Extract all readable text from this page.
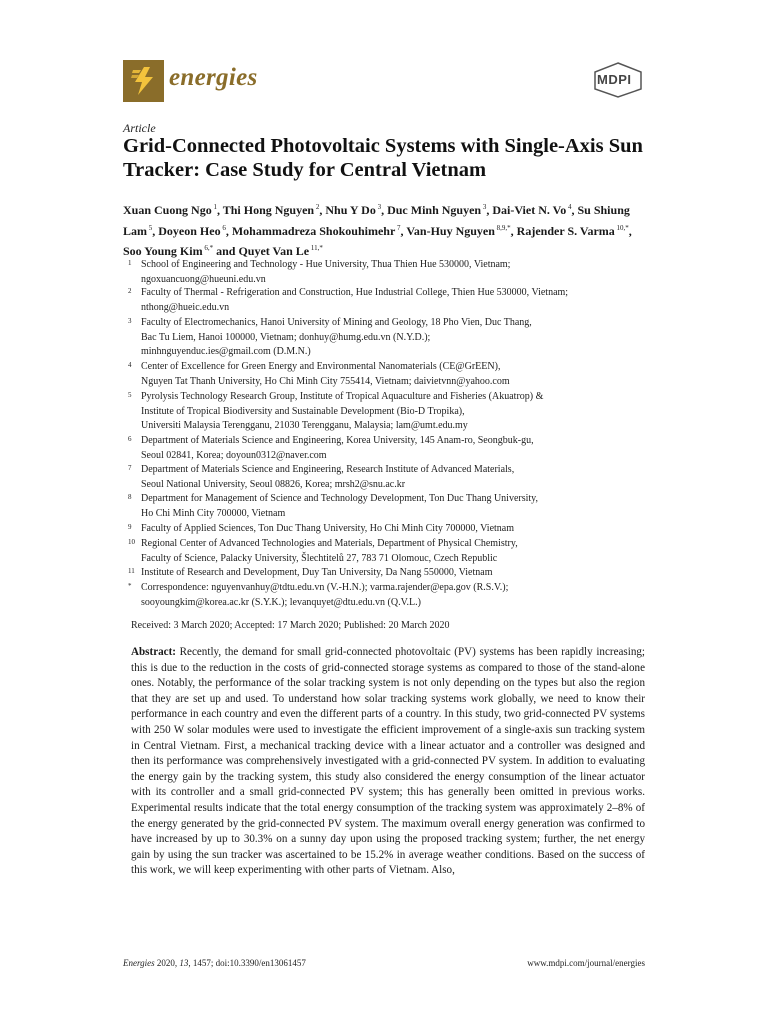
energies	MDPI
Article
Grid-Connected Photovoltaic Systems with Single-Axis Sun Tracker: Case Study for Central Vietnam
Xuan Cuong Ngo $^1$, Thi Hong Nguyen $^2$, Nhu Y Do $^3$, Duc Minh Nguyen $^3$, Dai-Viet N. Vo $^4$, Su Shiung Lam $^5$, Doyeon Heo $^6$, Mohammadreza Shokouhimehr $^7$, Van-Huy Nguyen $^{8,9,*}$, Rajender S. Varma $^{10,*}$, Soo Young Kim $^{6,*}$ and Quyet Van Le $^{11,*}$
1 School of Engineering and Technology - Hue University, Thua Thien Hue 530000, Vietnam;
ngoxuancuong@hueuni.edu.vn
2 Faculty of Thermal - Refrigeration and Construction, Hue Industrial College, Thien Hue 530000, Vietnam;
nthong@hueic.edu.vn
3 Faculty of Electromechanics, Hanoi University of Mining and Geology, 18 Pho Vien, Duc Thang,
Bac Tu Liem, Hanoi 100000, Vietnam; donhuy@humg.edu.vn (N.Y.D.);
minhnguyenduc.ies@gmail.com (D.M.N.)
4 Center of Excellence for Green Energy and Environmental Nanomaterials (CE@GrEEN),
Nguyen Tat Thanh University, Ho Chi Minh City 755414, Vietnam; daivietvnn@yahoo.com
5 Pyrolysis Technology Research Group, Institute of Tropical Aquaculture and Fisheries (Akuatrop) &
Institute of Tropical Biodiversity and Sustainable Development (Bio-D Tropika),
Universiti Malaysia Terengganu, 21030 Terengganu, Malaysia; lam@umt.edu.my
6 Department of Materials Science and Engineering, Korea University, 145 Anam-ro, Seongbuk-gu,
Seoul 02841, Korea; doyoun0312@naver.com
7 Department of Materials Science and Engineering, Research Institute of Advanced Materials,
Seoul National University, Seoul 08826, Korea; mrsh2@snu.ac.kr
8 Department for Management of Science and Technology Development, Ton Duc Thang University,
Ho Chi Minh City 700000, Vietnam
9 Faculty of Applied Sciences, Ton Duc Thang University, Ho Chi Minh City 700000, Vietnam
10 Regional Center of Advanced Technologies and Materials, Department of Physical Chemistry,
Faculty of Science, Palacky University, Šlechtitelů 27, 783 71 Olomouc, Czech Republic
11 Institute of Research and Development, Duy Tan University, Da Nang 550000, Vietnam
* Correspondence: nguyenvanhuy@tdtu.edu.vn (V.-H.N.); varma.rajender@epa.gov (R.S.V.);
sooyoungkim@korea.ac.kr (S.Y.K.); levanquyet@dtu.edu.vn (Q.V.L.)
Received: 3 March 2020; Accepted: 17 March 2020; Published: 20 March 2020
Abstract: Recently, the demand for small grid-connected photovoltaic (PV) systems has been rapidly increasing; this is due to the reduction in the costs of grid-connected storage systems as compared to those of the stand-alone ones. Notably, the performance of the solar tracking system is not only depending on the types but also the region that they are set up and used. To understand how solar tracking systems work globally, we need to know their performance in each country and even the different parts of a country. In this study, two grid-connected PV systems with 250 W solar modules were used to investigate the efficient improvement of a single-axis sun tracking system in Central Vietnam. First, a mechanical tracking device with a linear actuator and a controller was designed and then its performance was comprehensively investigated with a grid-connected PV system. In addition to evaluating the energy gain by the tracking system, this study also considered the energy consumption of the linear actuator with its controller and a small grid-connected PV system; this has generally been omitted in previous works. Experimental results indicate that the total energy consumption of the tracking system was approximately 2–8% of the energy generated by the grid-connected PV system. The maximum overall energy generation was confirmed to have increased by up to 30.3% on a sunny day upon using the proposed tracking system; further, the net energy gain by using the sun tracker was ascertained to be 15.2% in average weather conditions. Based on the success of this work, we will keep experimenting with other parts of Vietnam. Also,
Energies 2020, 13, 1457; doi:10.3390/en13061457	www.mdpi.com/journal/energies
